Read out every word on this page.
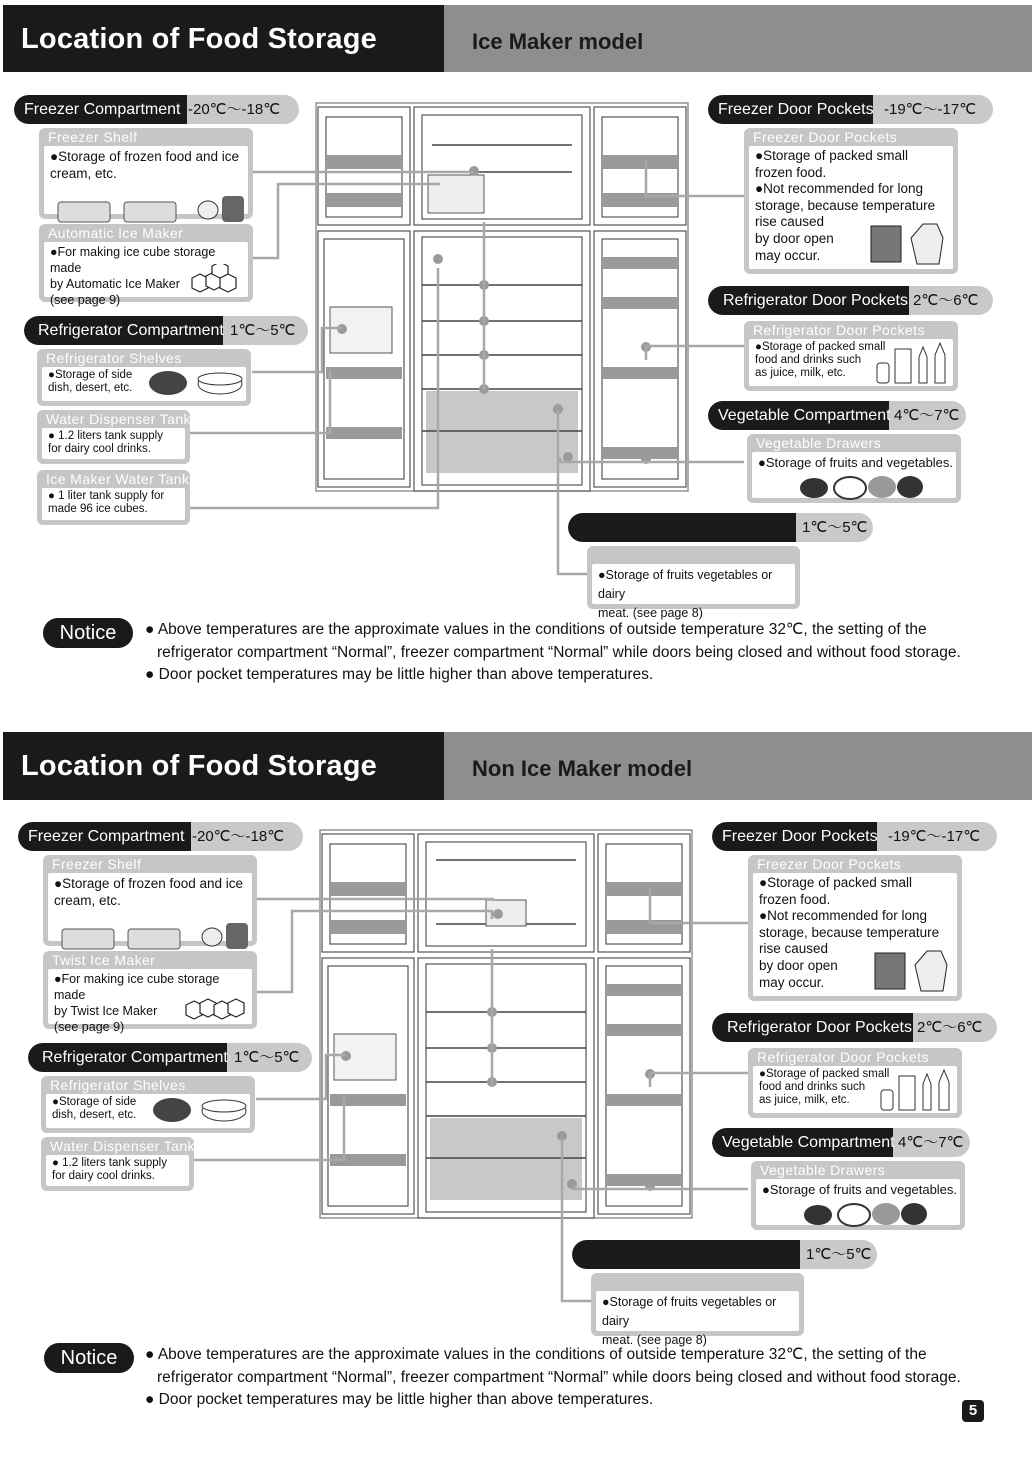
Location of Food Storage	Ice Maker model
Freezer Compartment -20℃～-18℃
Freezer Shelf
●Storage of frozen food and ice
cream, etc.
Automatic Ice Maker
●For making ice cube storage made
by Automatic Ice Maker
(see page 9)
Refrigerator Compartment 1℃～5℃
Refrigerator Shelves
●Storage of side
dish, desert, etc.
Water Dispenser Tank
● 1.2 liters tank supply
for dairy cool drinks.
Ice Maker Water Tank
● 1 liter tank supply for
made 96 ice cubes.
Freezer Door Pockets -19℃～-17℃
Freezer Door Pockets
●Storage of packed small
frozen food.
●Not recommended for long
storage, because temperature
rise caused
by door open
may occur.
Refrigerator Door Pockets 2℃～6℃
Refrigerator Door Pockets
●Storage of packed small
food and drinks such
as juice, milk, etc.
Vegetable Compartment 4℃～7℃
Vegetable Drawers
●Storage of fruits and vegetables.
1℃～5℃
●Storage of fruits vegetables or dairy
meat. (see page 8)
Notice	● Above temperatures are the approximate values in the conditions of outside temperature 32℃, the setting of the
refrigerator compartment “Normal”, freezer compartment “Normal” while doors being closed and without food storage.
● Door pocket temperatures may be little higher than above temperatures.
Location of Food Storage	Non Ice Maker model
Freezer Compartment -20℃～-18℃
Freezer Shelf
●Storage of frozen food and ice
cream, etc.
Twist Ice Maker
●For making ice cube storage made
by Twist Ice Maker
(see page 9)
Refrigerator Compartment 1℃～5℃
Refrigerator Shelves
●Storage of side
dish, desert, etc.
Water Dispenser Tank
● 1.2 liters tank supply
for dairy cool drinks.
Freezer Door Pockets -19℃～-17℃
Freezer Door Pockets
●Storage of packed small
frozen food.
●Not recommended for long
storage, because temperature
rise caused
by door open
may occur.
Refrigerator Door Pockets 2℃～6℃
Refrigerator Door Pockets
●Storage of packed small
food and drinks such
as juice, milk, etc.
Vegetable Compartment 4℃～7℃
Vegetable Drawers
●Storage of fruits and vegetables.
1℃～5℃
●Storage of fruits vegetables or dairy
meat. (see page 8)
Notice	● Above temperatures are the approximate values in the conditions of outside temperature 32℃, the setting of the
refrigerator compartment “Normal”, freezer compartment “Normal” while doors being closed and without food storage.
● Door pocket temperatures may be little higher than above temperatures.
5
